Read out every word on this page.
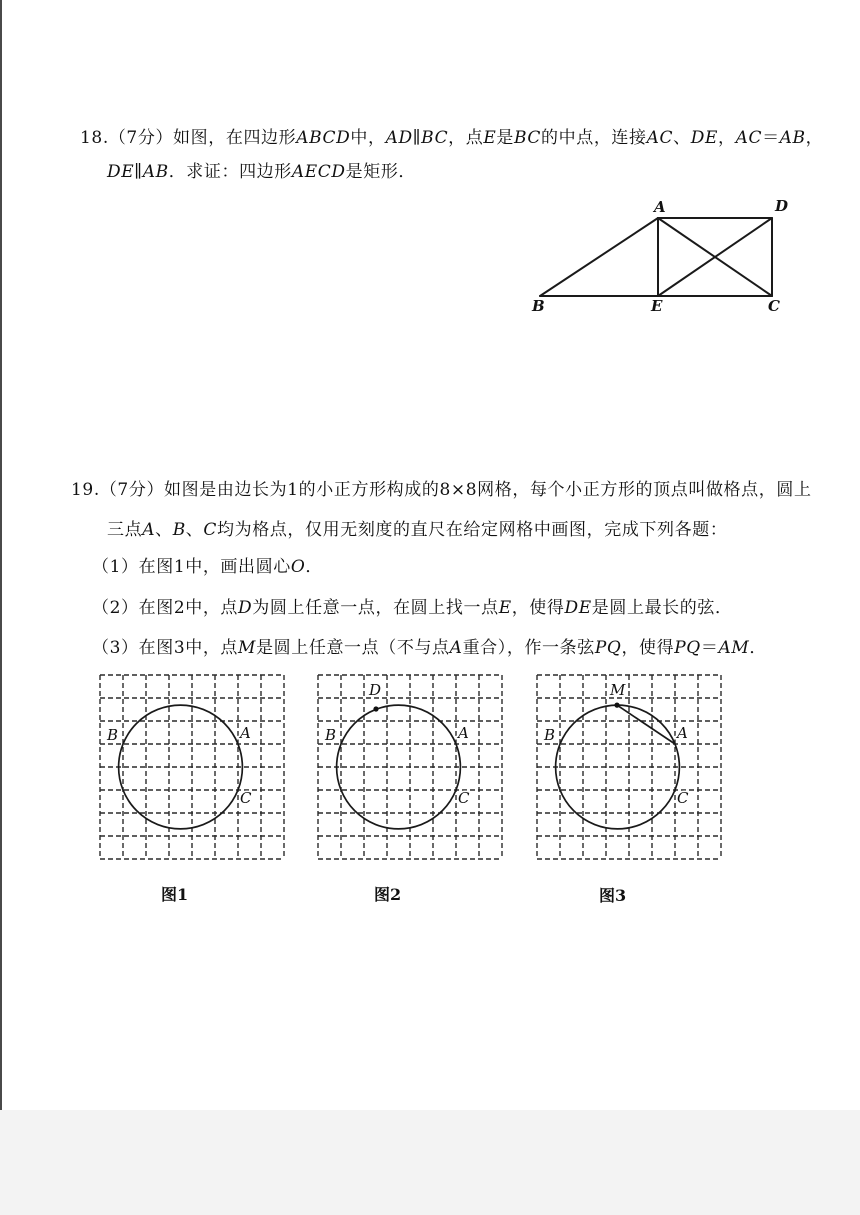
18.（7分）如图，在四边形ABCD中，AD∥BC，点E是BC的中点，连接AC、DE，AC＝AB，
DE∥AB．求证：四边形AECD是矩形．
A	D
B	E	C
19.（7分）如图是由边长为1的小正方形构成的8×8网格，每个小正方形的顶点叫做格点，圆上
三点A、B、C均为格点，仅用无刻度的直尺在给定网格中画图，完成下列各题：
（1）在图1中，画出圆心O．
（2）在图2中，点D为圆上任意一点，在圆上找一点E，使得DE是圆上最长的弦．
（3）在图3中，点M是圆上任意一点（不与点A重合），作一条弦PQ，使得PQ＝AM．
B	A
C
D
B	A
C
M
B	A
C
图1	图2	图3
